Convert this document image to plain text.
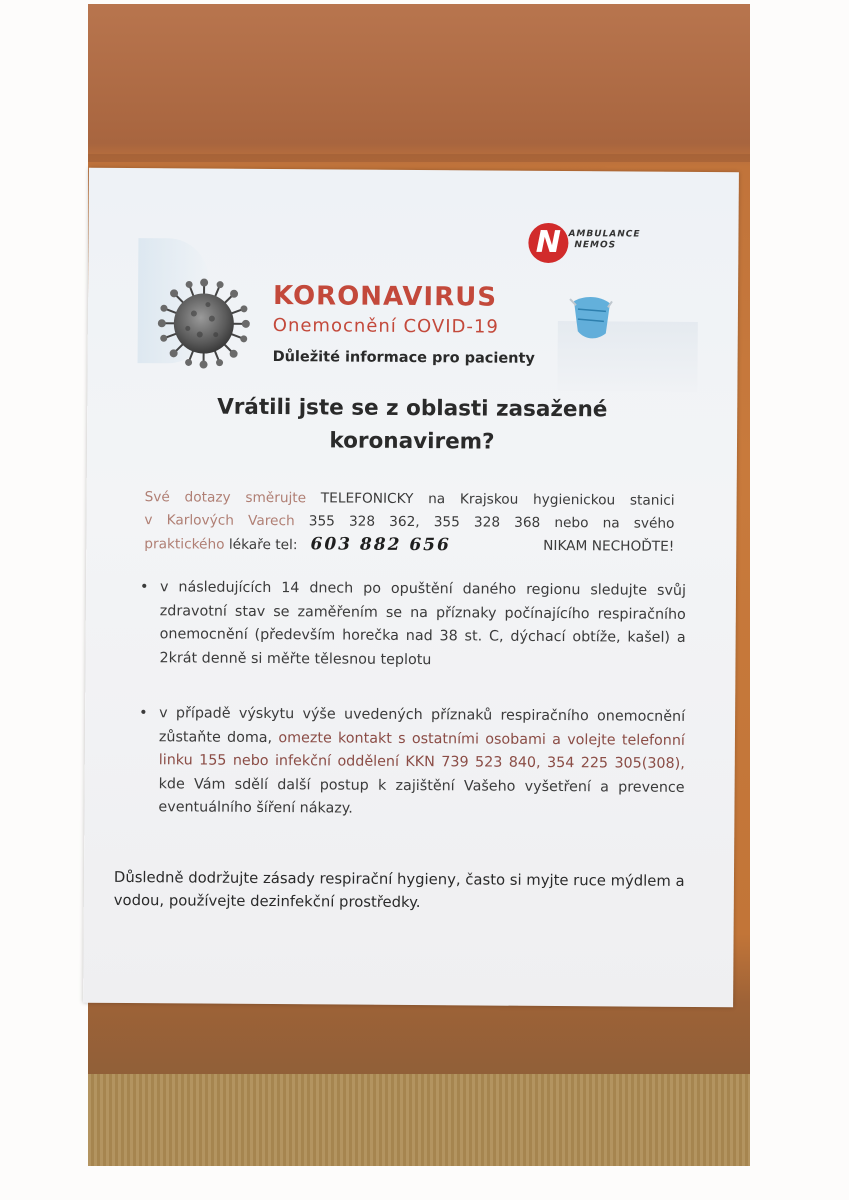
N AMBULANCE
NEMOS
KORONAVIRUS
Onemocnění COVID-19
Důležité informace pro pacienty
Vrátili jste se z oblasti zasažené
koronavirem?
Své dotazy směrujte TELEFONICKY na Krajskou hygienickou stanici
v Karlových Varech 355 328 362, 355 328 368 nebo na svého
praktického lékaře tel: 603 882 656	NIKAM NECHOĎTE!
• v následujících 14 dnech po opuštění daného regionu sledujte svůj zdravotní stav se zaměřením se na příznaky počínajícího respiračního onemocnění (především horečka nad 38 st. C, dýchací obtíže, kašel) a 2krát denně si měřte tělesnou teplotu
• v případě výskytu výše uvedených příznaků respiračního onemocnění zůstaňte doma, omezte kontakt s ostatními osobami a volejte telefonní linku 155 nebo infekční oddělení KKN 739 523 840, 354 225 305(308), kde Vám sdělí další postup k zajištění Vašeho vyšetření a prevence eventuálního šíření nákazy.
Důsledně dodržujte zásady respirační hygieny, často si myjte ruce mýdlem a vodou, používejte dezinfekční prostředky.
